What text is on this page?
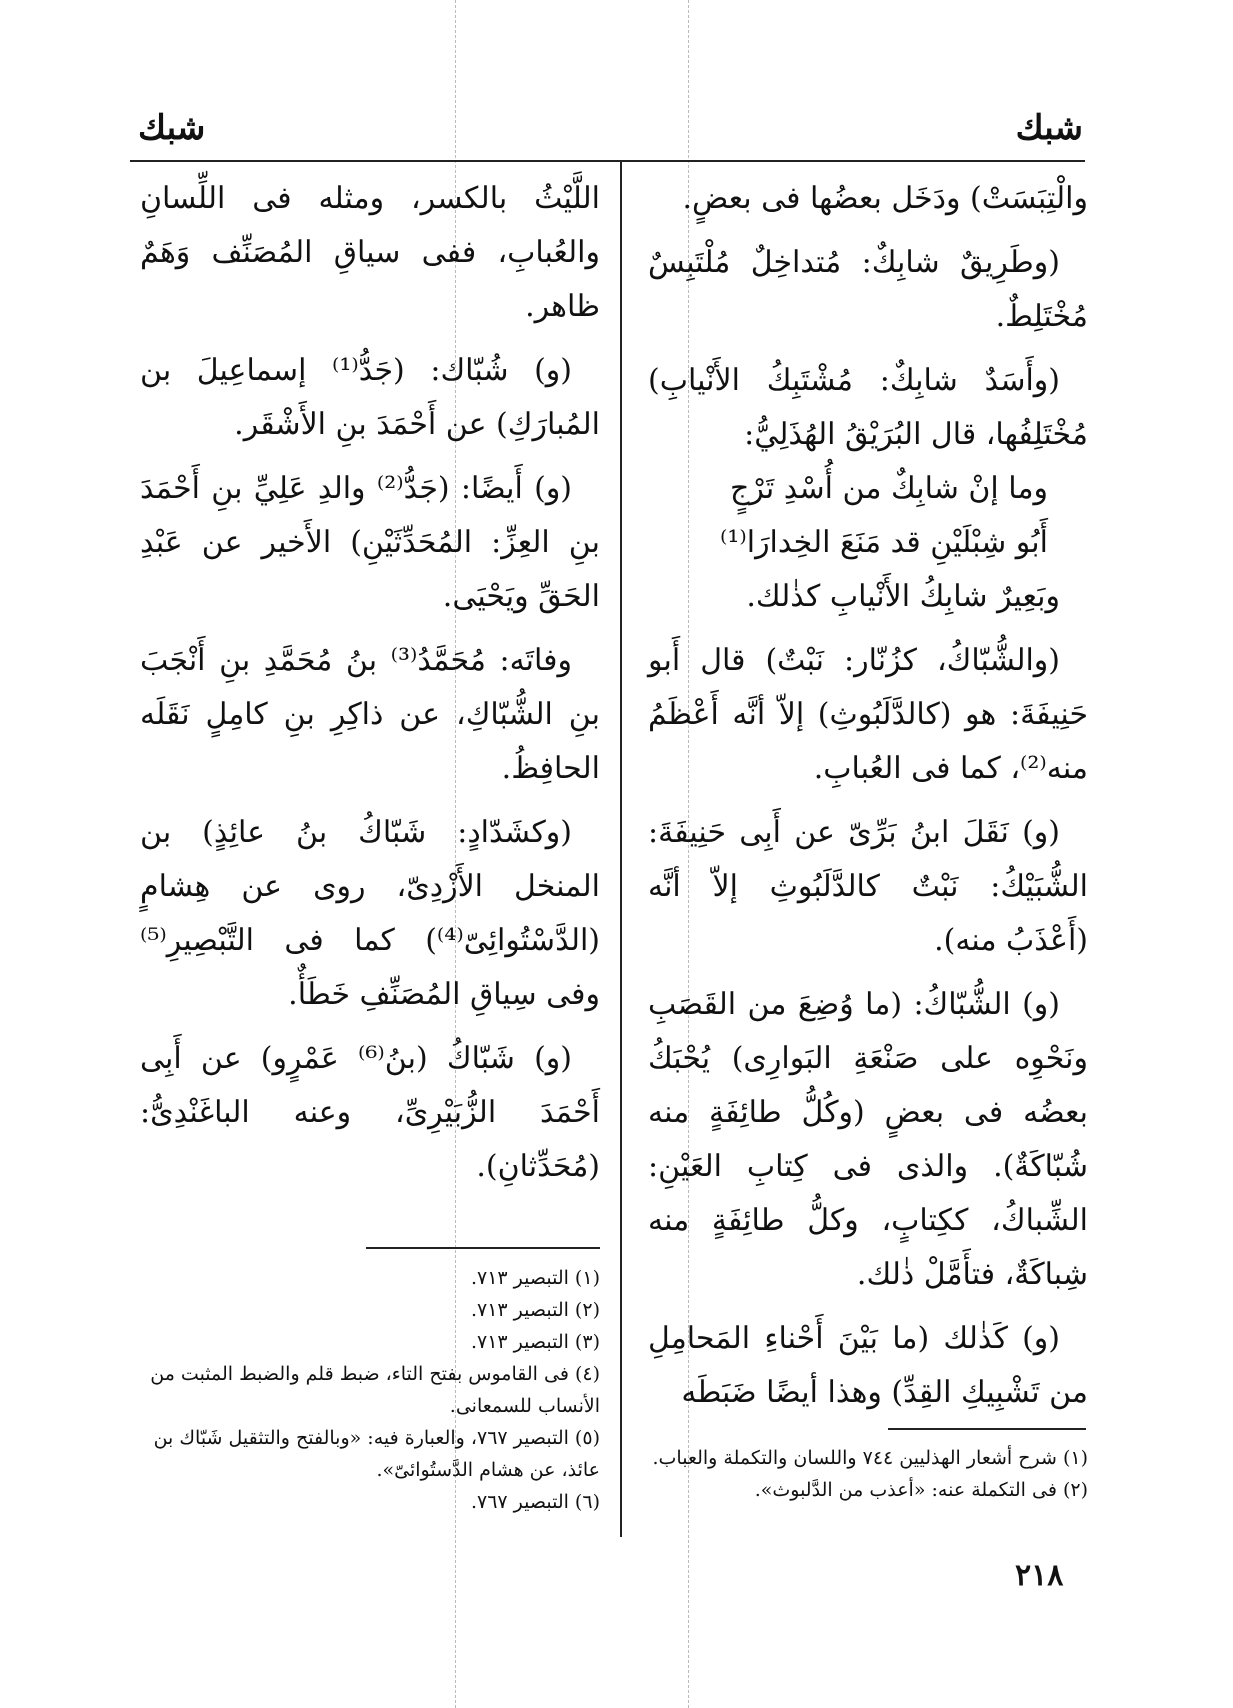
شبك
شبك

والْتِبَسَتْ) ودَخَل بعضُها فى بعضٍ.

(وطَرِيقٌ شابِكٌ: مُتداخِلٌ مُلْتَبِسٌ مُخْتَلِطٌ.

(وأَسَدٌ شابِكٌ: مُشْتَبِكُ الأَنْيابِ) مُخْتَلِفُها، قال البُرَيْقُ الهُذَلِيُّ:

وما إنْ شابِكٌ من أُسْدِ تَرْجٍ
أَبُو شِبْلَيْنِ قد مَنَعَ الخِدارَا⁽¹⁾

وبَعِيرٌ شابِكُ الأَنْيابِ كذٰلك.

(والشُّبّاكُ، كزُنّار: نَبْتٌ) قال أَبو حَنِيفَةَ: هو (كالدَّلَبُوثِ) إلاّ أنَّه أَعْظَمُ منه⁽²⁾، كما فى العُبابِ.

(و) نَقَلَ ابنُ بَرِّىّ عن أَبِى حَنِيفَةَ: الشُّبَيْكُ: نَبْتٌ كالدَّلَبُوثِ إلاّ أنَّه (أَعْذَبُ منه).

(و) الشُّبّاكُ: (ما وُضِعَ من القَصَبِ ونَحْوِه على صَنْعَةِ البَوارِى) يُحْبَكُ بعضُه فى بعضٍ (وكُلُّ طائِفَةٍ منه شُبّاكَةٌ). والذى فى كِتابِ العَيْنِ: الشِّباكُ، ككِتابٍ، وكلُّ طائِفَةٍ منه شِباكَةٌ، فتأَمَّلْ ذٰلك.

(و) كَذٰلك (ما بَيْنَ أَحْناءِ المَحامِلِ من تَشْبِيكِ القِدِّ) وهذا أيضًا ضَبَطَه

(١) شرح أشعار الهذليين ٧٤٤ واللسان والتكملة والعباب.
(٢) فى التكملة عنه: «أعذب من الدَّلبوث».

اللَّيْثُ بالكسر، ومثله فى اللِّسانِ والعُبابِ، ففى سياقِ المُصَنِّف وَهَمٌ ظاهر.

(و) شُبّاك: (جَدُّ⁽¹⁾ إسماعِيلَ بن المُبارَكِ) عن أَحْمَدَ بنِ الأَشْقَر.

(و) أَيضًا: (جَدُّ⁽²⁾ والدِ عَلِيِّ بنِ أَحْمَدَ بنِ العِزِّ: المُحَدِّثَيْنِ) الأَخير عن عَبْدِ الحَقِّ ويَحْيَى.

وفاتَه: مُحَمَّدُ⁽³⁾ بنُ مُحَمَّدِ بنِ أَنْجَبَ بنِ الشُّبّاكِ، عن ذاكِرِ بنِ كامِلٍ نَقَلَه الحافِظُ.

(وكشَدّادٍ: شَبّاكُ بنُ عائِذٍ) بن المنخل الأَزْدِىّ، روى عن هِشامٍ (الدَّسْتُوائِىّ⁽⁴⁾) كما فى التَّبْصِيرِ⁽⁵⁾ وفى سِياقِ المُصَنِّفِ خَطَأٌ.

(و) شَبّاكُ (بنُ⁽⁶⁾ عَمْرٍو) عن أَبِى أَحْمَدَ الزُّبَيْرِىِّ، وعنه الباغَنْدِىُّ: (مُحَدِّثانِ).

(١) التبصير ٧١٣.
(٢) التبصير ٧١٣.
(٣) التبصير ٧١٣.
(٤) فى القاموس بفتح التاء، ضبط قلم والضبط المثبت من الأنساب للسمعانى.
(٥) التبصير ٧٦٧، والعبارة فيه: «وبالفتح والتثقيل شَبّاك بن عائذ، عن هشام الدَّستُوائىّ».
(٦) التبصير ٧٦٧.
٢١٨
